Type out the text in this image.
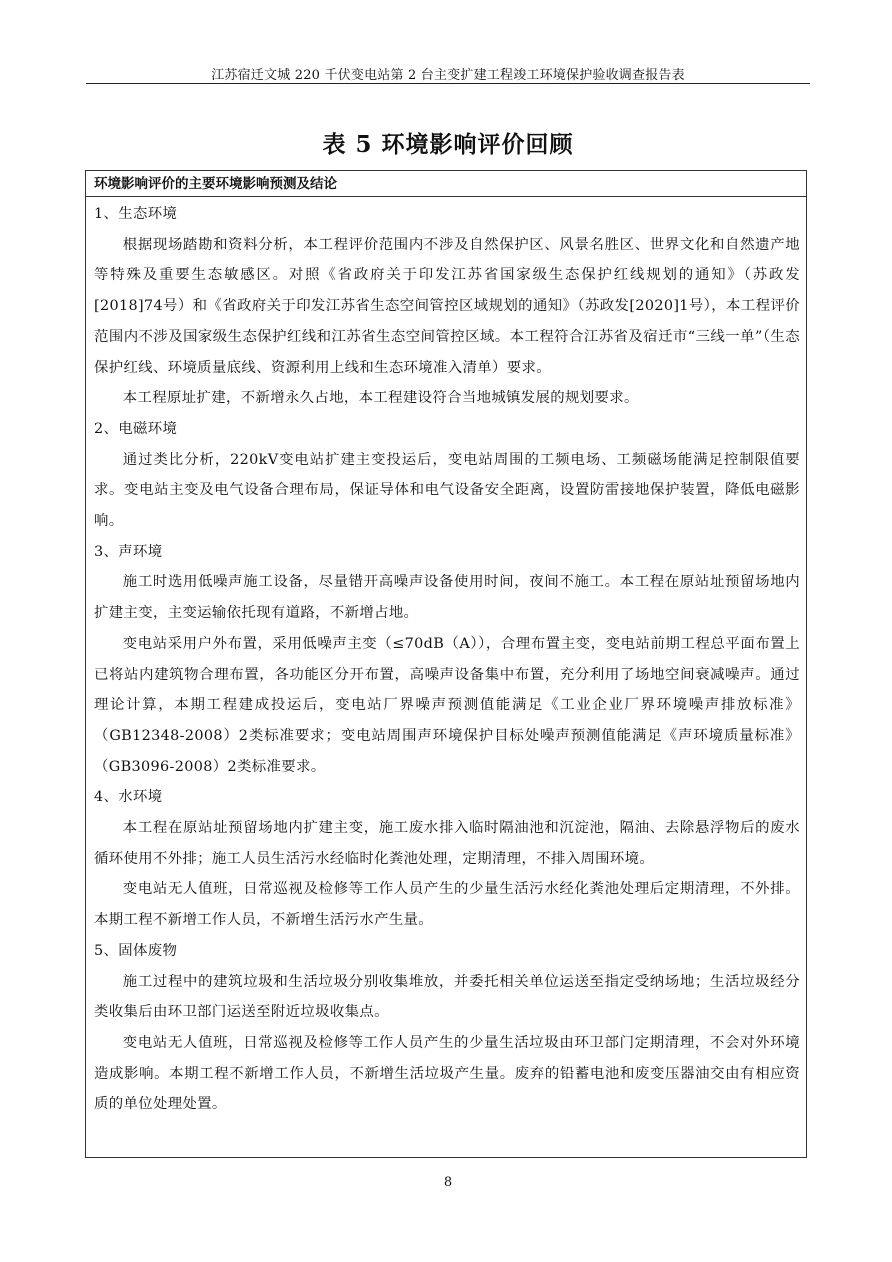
江苏宿迁文城 220 千伏变电站第 2 台主变扩建工程竣工环境保护验收调查报告表
表 5 环境影响评价回顾
环境影响评价的主要环境影响预测及结论

1、生态环境

根据现场踏勘和资料分析，本工程评价范围内不涉及自然保护区、风景名胜区、世界文化和自然遗产地等特殊及重要生态敏感区。对照《省政府关于印发江苏省国家级生态保护红线规划的通知》（苏政发[2018]74号）和《省政府关于印发江苏省生态空间管控区域规划的通知》（苏政发[2020]1号），本工程评价范围内不涉及国家级生态保护红线和江苏省生态空间管控区域。本工程符合江苏省及宿迁市“三线一单”（生态保护红线、环境质量底线、资源利用上线和生态环境准入清单）要求。

本工程原址扩建，不新增永久占地，本工程建设符合当地城镇发展的规划要求。

2、电磁环境

通过类比分析，220kV变电站扩建主变投运后，变电站周围的工频电场、工频磁场能满足控制限值要求。变电站主变及电气设备合理布局，保证导体和电气设备安全距离，设置防雷接地保护装置，降低电磁影响。

3、声环境

施工时选用低噪声施工设备，尽量错开高噪声设备使用时间，夜间不施工。本工程在原站址预留场地内扩建主变，主变运输依托现有道路，不新增占地。

变电站采用户外布置，采用低噪声主变（≤70dB（A）），合理布置主变，变电站前期工程总平面布置上已将站内建筑物合理布置，各功能区分开布置，高噪声设备集中布置，充分利用了场地空间衰减噪声。通过理论计算，本期工程建成投运后，变电站厂界噪声预测值能满足《工业企业厂界环境噪声排放标准》（GB12348-2008）2类标准要求；变电站周围声环境保护目标处噪声预测值能满足《声环境质量标准》（GB3096-2008）2类标准要求。

4、水环境

本工程在原站址预留场地内扩建主变，施工废水排入临时隔油池和沉淀池，隔油、去除悬浮物后的废水循环使用不外排；施工人员生活污水经临时化粪池处理，定期清理，不排入周围环境。

变电站无人值班，日常巡视及检修等工作人员产生的少量生活污水经化粪池处理后定期清理，不外排。本期工程不新增工作人员，不新增生活污水产生量。

5、固体废物

施工过程中的建筑垃圾和生活垃圾分别收集堆放，并委托相关单位运送至指定受纳场地；生活垃圾经分类收集后由环卫部门运送至附近垃圾收集点。

变电站无人值班，日常巡视及检修等工作人员产生的少量生活垃圾由环卫部门定期清理，不会对外环境造成影响。本期工程不新增工作人员，不新增生活垃圾产生量。废弃的铅蓄电池和废变压器油交由有相应资质的单位处理处置。

8
